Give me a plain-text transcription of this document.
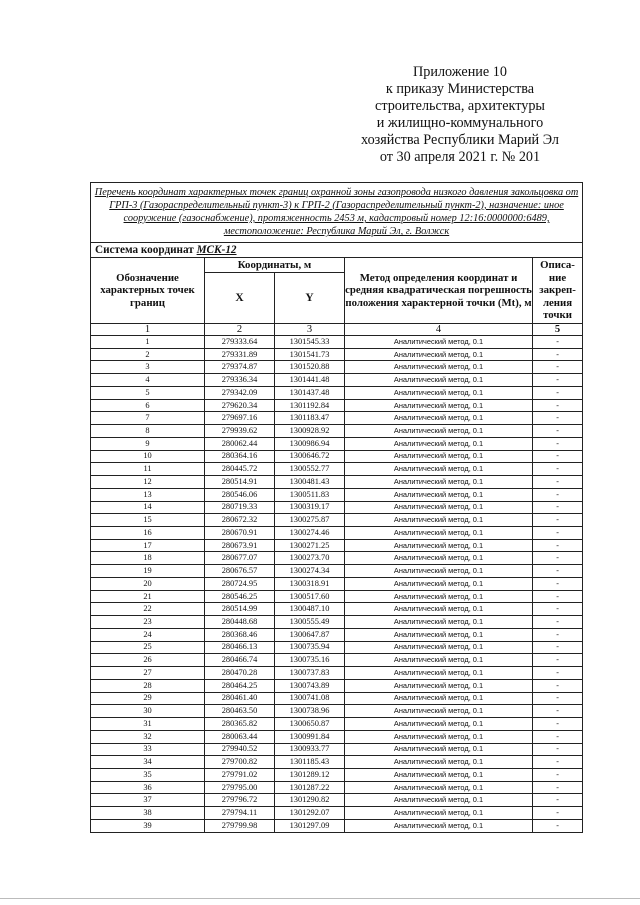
Приложение 10
к приказу Министерства
строительства, архитектуры
и жилищно-коммунального
хозяйства Республики Марий Эл
от 30 апреля 2021 г. № 201
Перечень координат характерных точек границ охранной зоны газопровода низкого давления закольцовка от ГРП-3 (Газораспределительный пункт-3) к ГРП-2 (Газораспределительный пункт-2), назначение: иное сооружение (газоснабжение), протяженность 2453 м, кадастровый номер 12:16:0000000:6489, местоположение: Республика Марий Эл, г. Волжск				
Система координат МСК-12				
Обозначение характерных точек границ	Координаты, м		Метод определения координат и средняя квадратическая погрешность положения характерной точки (Mt), м	Описа-ние закреп-ления точки
	X	Y		
1	2	3	4	5
1	279333.64	1301545.33	Аналитический метод, 0.1	-
2	279331.89	1301541.73	Аналитический метод, 0.1	-
3	279374.87	1301520.88	Аналитический метод, 0.1	-
4	279336.34	1301441.48	Аналитический метод, 0.1	-
5	279342.09	1301437.48	Аналитический метод, 0.1	-
6	279620.34	1301192.84	Аналитический метод, 0.1	-
7	279697.16	1301183.47	Аналитический метод, 0.1	-
8	279939.62	1300928.92	Аналитический метод, 0.1	-
9	280062.44	1300986.94	Аналитический метод, 0.1	-
10	280364.16	1300646.72	Аналитический метод, 0.1	-
11	280445.72	1300552.77	Аналитический метод, 0.1	-
12	280514.91	1300481.43	Аналитический метод, 0.1	-
13	280546.06	1300511.83	Аналитический метод, 0.1	-
14	280719.33	1300319.17	Аналитический метод, 0.1	-
15	280672.32	1300275.87	Аналитический метод, 0.1	-
16	280670.91	1300274.46	Аналитический метод, 0.1	-
17	280673.91	1300271.25	Аналитический метод, 0.1	-
18	280677.07	1300273.70	Аналитический метод, 0.1	-
19	280676.57	1300274.34	Аналитический метод, 0.1	-
20	280724.95	1300318.91	Аналитический метод, 0.1	-
21	280546.25	1300517.60	Аналитический метод, 0.1	-
22	280514.99	1300487.10	Аналитический метод, 0.1	-
23	280448.68	1300555.49	Аналитический метод, 0.1	-
24	280368.46	1300647.87	Аналитический метод, 0.1	-
25	280466.13	1300735.94	Аналитический метод, 0.1	-
26	280466.74	1300735.16	Аналитический метод, 0.1	-
27	280470.28	1300737.83	Аналитический метод, 0.1	-
28	280464.25	1300743.89	Аналитический метод, 0.1	-
29	280461.40	1300741.08	Аналитический метод, 0.1	-
30	280463.50	1300738.96	Аналитический метод, 0.1	-
31	280365.82	1300650.87	Аналитический метод, 0.1	-
32	280063.44	1300991.84	Аналитический метод, 0.1	-
33	279940.52	1300933.77	Аналитический метод, 0.1	-
34	279700.82	1301185.43	Аналитический метод, 0.1	-
35	279791.02	1301289.12	Аналитический метод, 0.1	-
36	279795.00	1301287.22	Аналитический метод, 0.1	-
37	279796.72	1301290.82	Аналитический метод, 0.1	-
38	279794.11	1301292.07	Аналитический метод, 0.1	-
39	279799.98	1301297.09	Аналитический метод, 0.1	-
